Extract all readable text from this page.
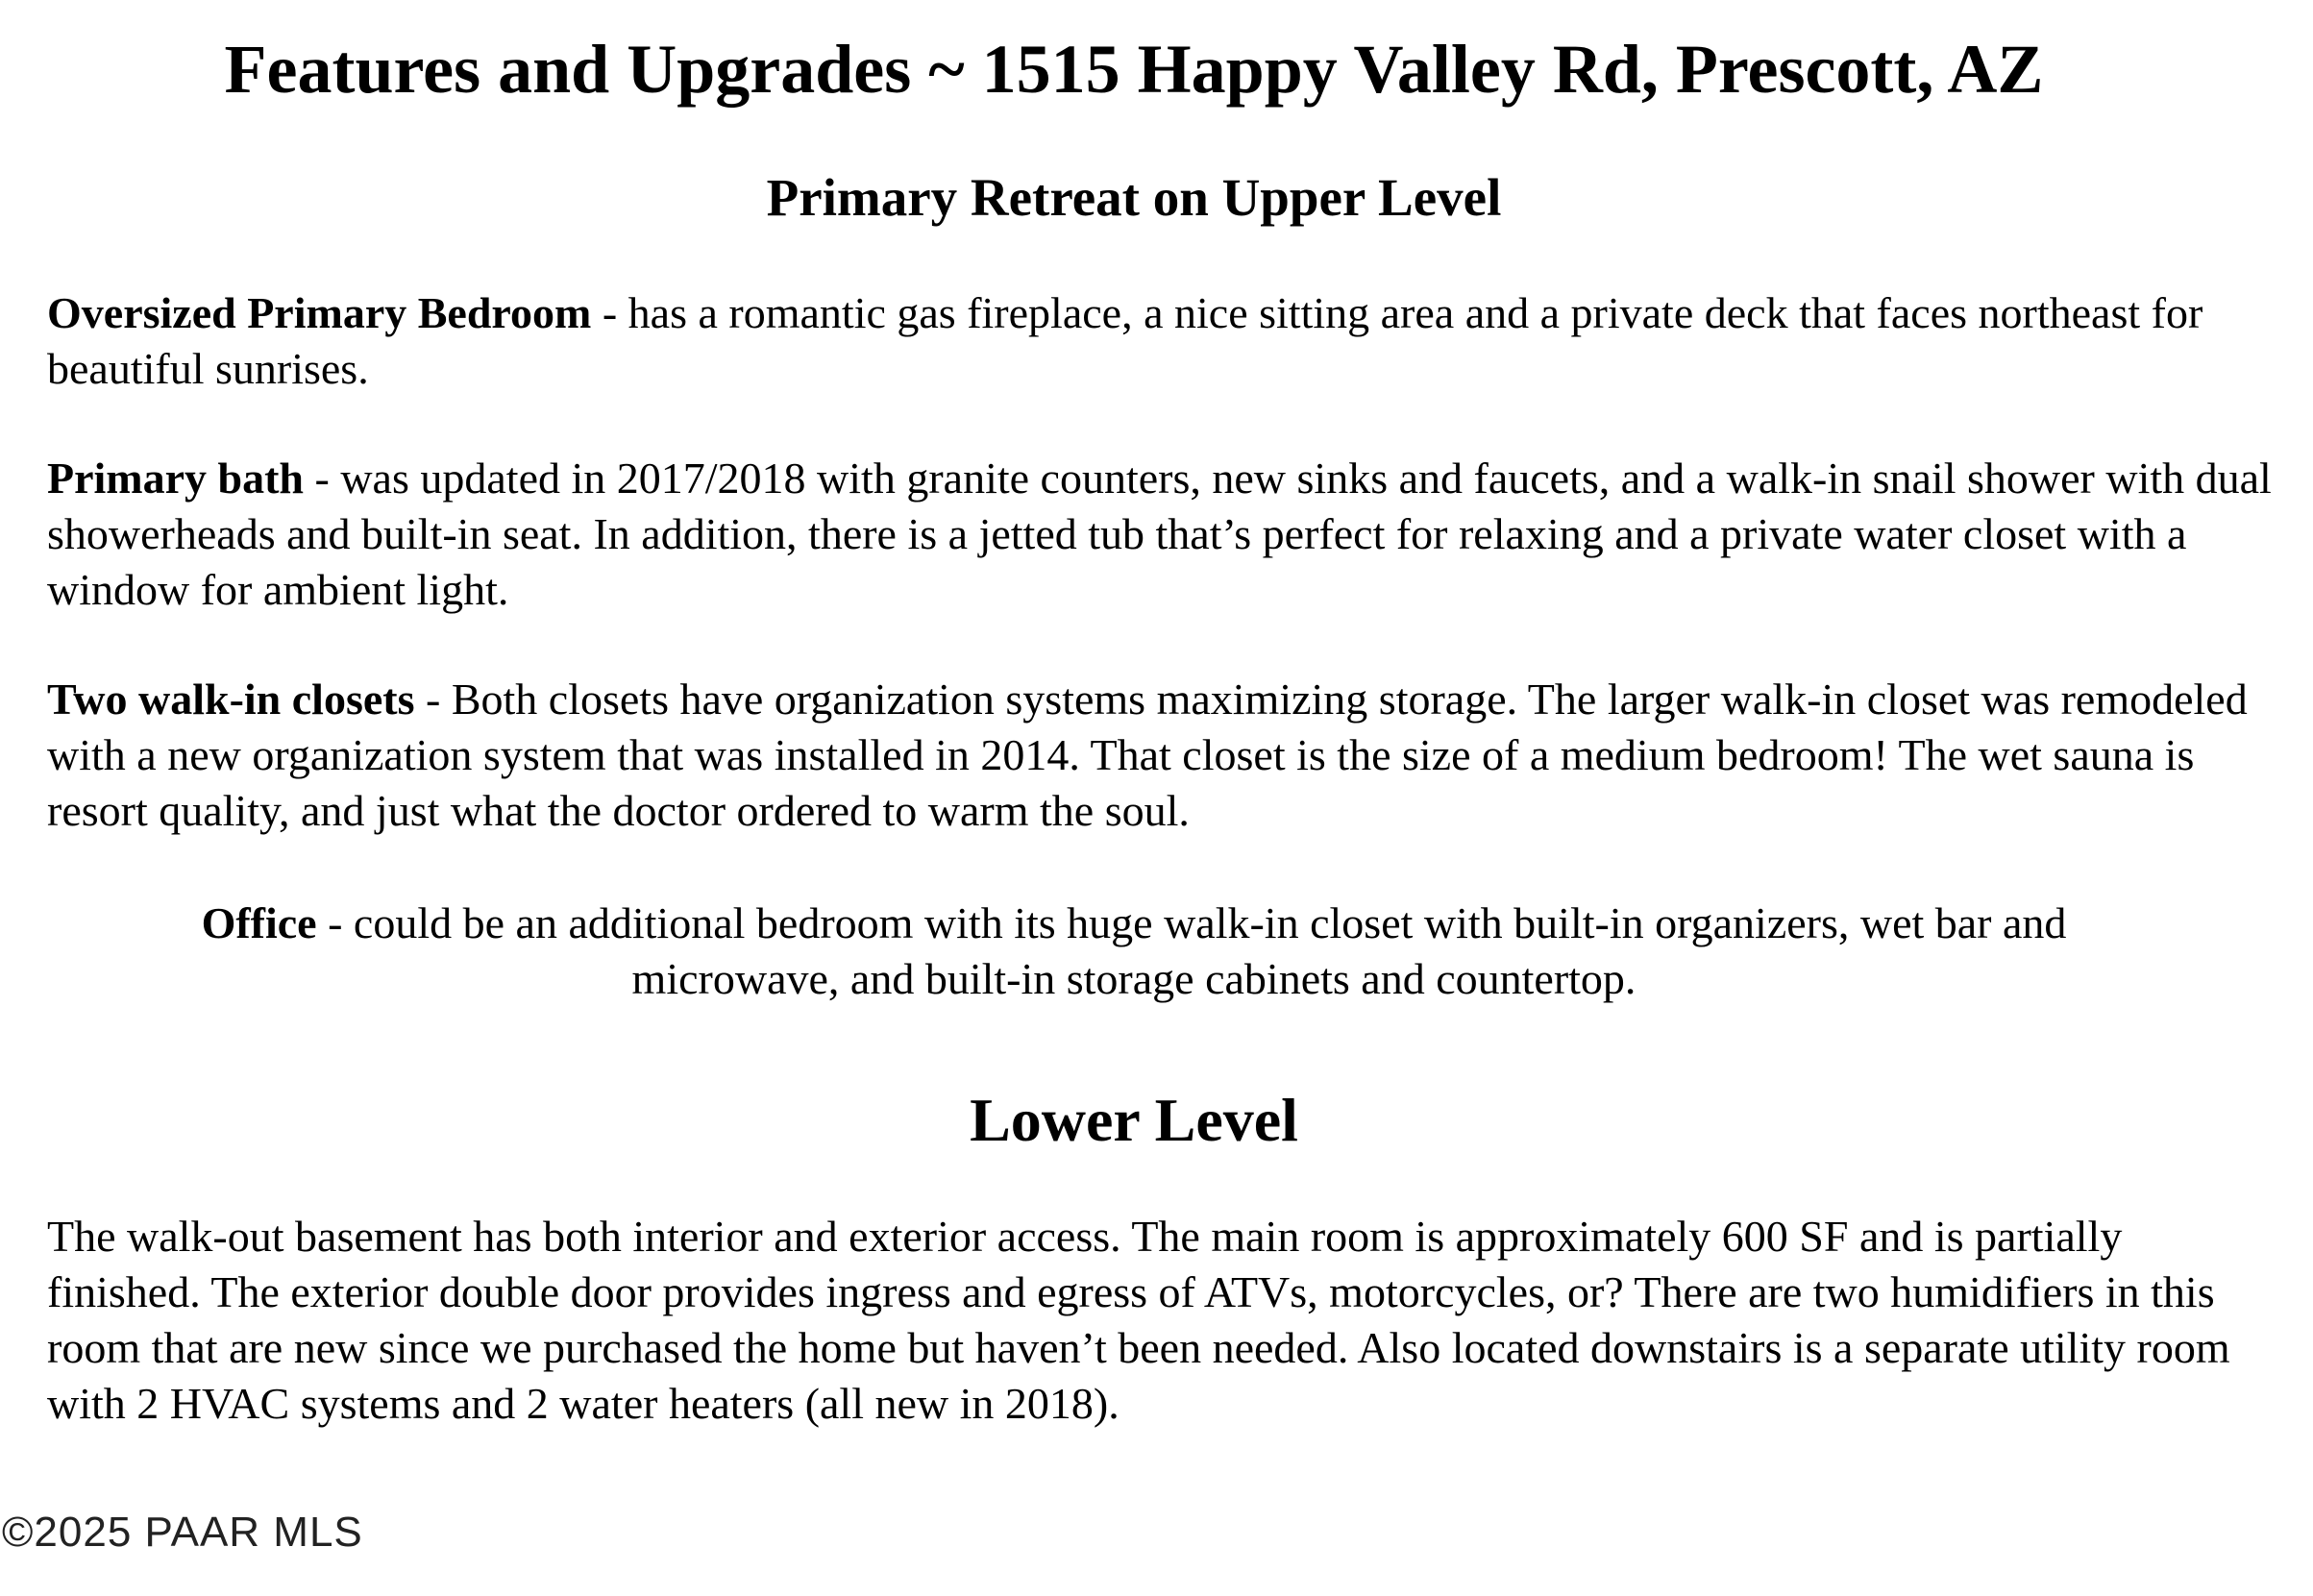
Features and Upgrades ~ 1515 Happy Valley Rd, Prescott, AZ
Primary Retreat on Upper Level

Oversized Primary Bedroom - has a romantic gas fireplace, a nice sitting area and a private deck that faces northeast for beautiful sunrises.

Primary bath - was updated in 2017/2018 with granite counters, new sinks and faucets, and a walk-in snail shower with dual showerheads and built-in seat. In addition, there is a jetted tub that’s perfect for relaxing and a private water closet with a window for ambient light.

Two walk-in closets - Both closets have organization systems maximizing storage. The larger walk-in closet was remodeled with a new organization system that was installed in 2014. That closet is the size of a medium bedroom! The wet sauna is resort quality, and just what the doctor ordered to warm the soul.

Office - could be an additional bedroom with its huge walk-in closet with built-in organizers, wet bar and microwave, and built-in storage cabinets and countertop.

Lower Level

The walk-out basement has both interior and exterior access. The main room is approximately 600 SF and is partially finished. The exterior double door provides ingress and egress of ATVs, motorcycles, or? There are two humidifiers in this room that are new since we purchased the home but haven’t been needed. Also located downstairs is a separate utility room with 2 HVAC systems and 2 water heaters (all new in 2018).

©2025 PAAR MLS
